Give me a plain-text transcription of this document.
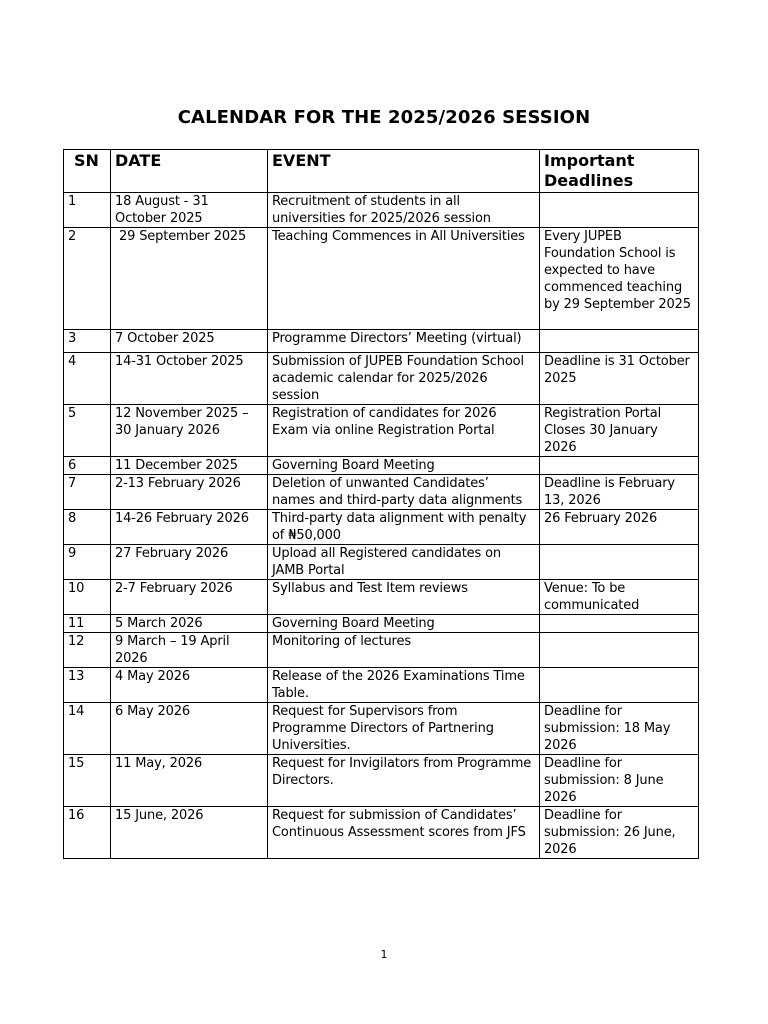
CALENDAR FOR THE 2025/2026 SESSION
SN	DATE	EVENT	Important Deadlines
1	18 August - 31 October 2025	Recruitment of students in all universities for 2025/2026 session	
2	29 September 2025	Teaching Commences in All Universities	Every JUPEB Foundation School is expected to have commenced teaching by 29 September 2025
3	7 October 2025	Programme Directors’ Meeting (virtual)	
4	14-31 October 2025	Submission of JUPEB Foundation School academic calendar for 2025/2026 session	Deadline is 31 October 2025
5	12 November 2025 – 30 January 2026	Registration of candidates for 2026 Exam via online Registration Portal	Registration Portal Closes 30 January 2026
6	11 December 2025	Governing Board Meeting	
7	2-13 February 2026	Deletion of unwanted Candidates’ names and third-party data alignments	Deadline is February 13, 2026
8	14-26 February 2026	Third-party data alignment with penalty of ₦50,000	26 February 2026
9	27 February 2026	Upload all Registered candidates on JAMB Portal	
10	2-7 February 2026	Syllabus and Test Item reviews	Venue: To be communicated
11	5 March 2026	Governing Board Meeting	
12	9 March – 19 April 2026	Monitoring of lectures	
13	4 May 2026	Release of the 2026 Examinations Time Table.	
14	6 May 2026	Request for Supervisors from Programme Directors of Partnering Universities.	Deadline for submission: 18 May 2026
15	11 May, 2026	Request for Invigilators from Programme Directors.	Deadline for submission: 8 June 2026
16	15 June, 2026	Request for submission of Candidates’ Continuous Assessment scores from JFS	Deadline for submission: 26 June, 2026
1
